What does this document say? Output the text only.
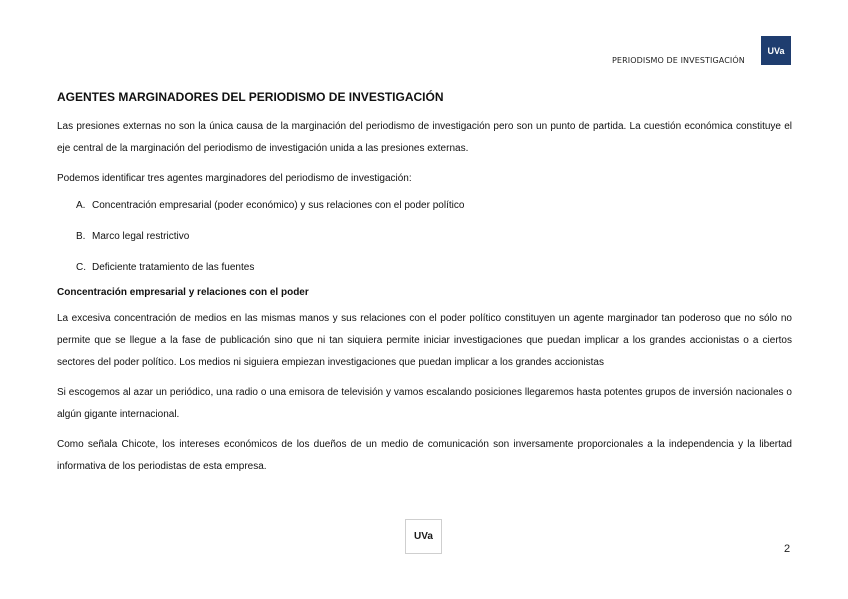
PERIODISMO DE INVESTIGACIÓN
UVa
AGENTES MARGINADORES DEL PERIODISMO DE INVESTIGACIÓN

Las presiones externas no son la única causa de la marginación del periodismo de investigación pero son un punto de partida. La cuestión económica constituye el eje central de la marginación del periodismo de investigación unida a las presiones externas.

Podemos identificar tres agentes marginadores del periodismo de investigación:

A. Concentración empresarial (poder económico) y sus relaciones con el poder político
B. Marco legal restrictivo
C. Deficiente tratamiento de las fuentes
Concentración empresarial y relaciones con el poder

La excesiva concentración de medios en las mismas manos y sus relaciones con el poder político constituyen un agente marginador tan poderoso que no sólo no permite que se llegue a la fase de publicación sino que ni tan siquiera permite iniciar investigaciones que puedan implicar a los grandes accionistas o a ciertos sectores del poder político. Los medios ni siguiera empiezan investigaciones que puedan implicar a los grandes accionistas

Si escogemos al azar un periódico, una radio o una emisora de televisión y vamos escalando posiciones llegaremos hasta potentes grupos de inversión nacionales o algún gigante internacional.

Como señala Chicote, los intereses económicos de los dueños de un medio de comunicación son inversamente proporcionales a la independencia y la libertad informativa de los periodistas de esta empresa.

UVa
2
